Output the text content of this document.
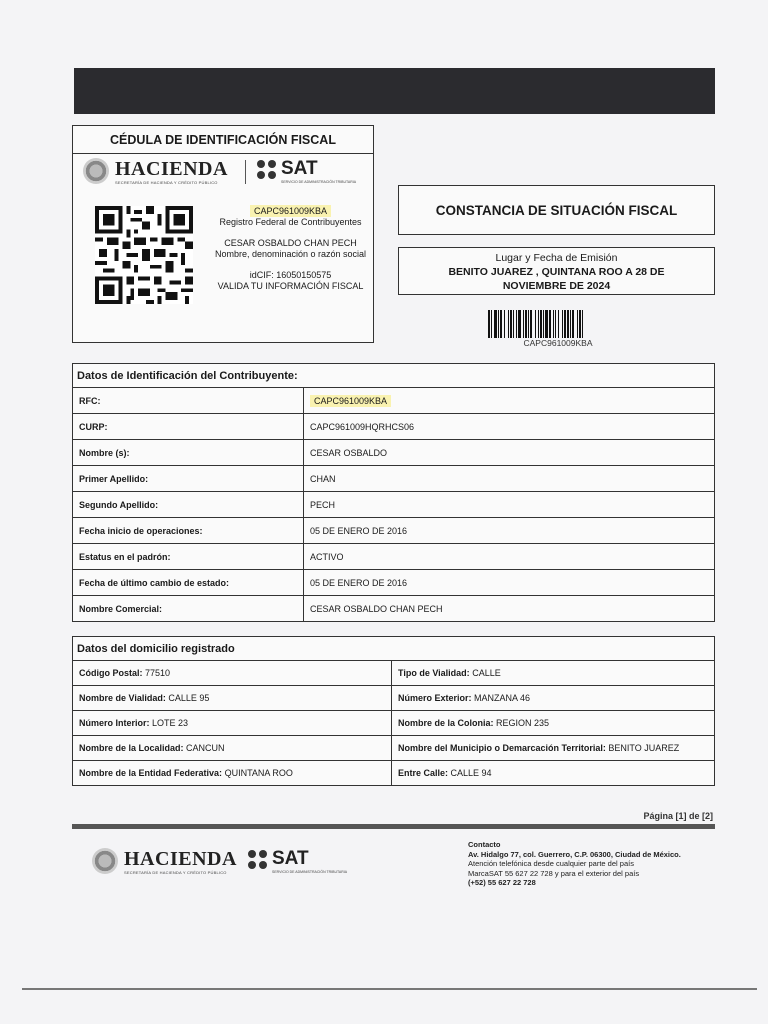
CÉDULA DE IDENTIFICACIÓN FISCAL
HACIENDA
SECRETARÍA DE HACIENDA Y CRÉDITO PÚBLICO
SAT
SERVICIO DE ADMINISTRACIÓN TRIBUTARIA
CAPC961009KBA
Registro Federal de Contribuyentes
CESAR OSBALDO CHAN PECH
Nombre, denominación o razón social
idCIF: 16050150575
VALIDA TU INFORMACIÓN FISCAL
CONSTANCIA DE SITUACIÓN FISCAL
Lugar y Fecha de Emisión
BENITO JUAREZ , QUINTANA ROO A 28 DE
NOVIEMBRE DE 2024
CAPC961009KBA
Datos de Identificación del Contribuyente:
RFC:	CAPC961009KBA
CURP:	CAPC961009HQRHCS06
Nombre (s):	CESAR OSBALDO
Primer Apellido:	CHAN
Segundo Apellido:	PECH
Fecha inicio de operaciones:	05 DE ENERO DE 2016
Estatus en el padrón:	ACTIVO
Fecha de último cambio de estado:	05 DE ENERO DE 2016
Nombre Comercial:	CESAR OSBALDO CHAN PECH
Datos del domicilio registrado
Código Postal: 77510	Tipo de Vialidad: CALLE
Nombre de Vialidad: CALLE 95	Número Exterior: MANZANA 46
Número Interior: LOTE 23	Nombre de la Colonia: REGION 235
Nombre de la Localidad: CANCUN	Nombre del Municipio o Demarcación Territorial: BENITO JUAREZ
Nombre de la Entidad Federativa: QUINTANA ROO	Entre Calle: CALLE 94
Página [1] de [2]
HACIENDA
SECRETARÍA DE HACIENDA Y CRÉDITO PÚBLICO
SAT
SERVICIO DE ADMINISTRACIÓN TRIBUTARIA
Contacto
Av. Hidalgo 77, col. Guerrero, C.P. 06300, Ciudad de México.
Atención telefónica desde cualquier parte del país
MarcaSAT 55 627 22 728 y para el exterior del país
(+52) 55 627 22 728
